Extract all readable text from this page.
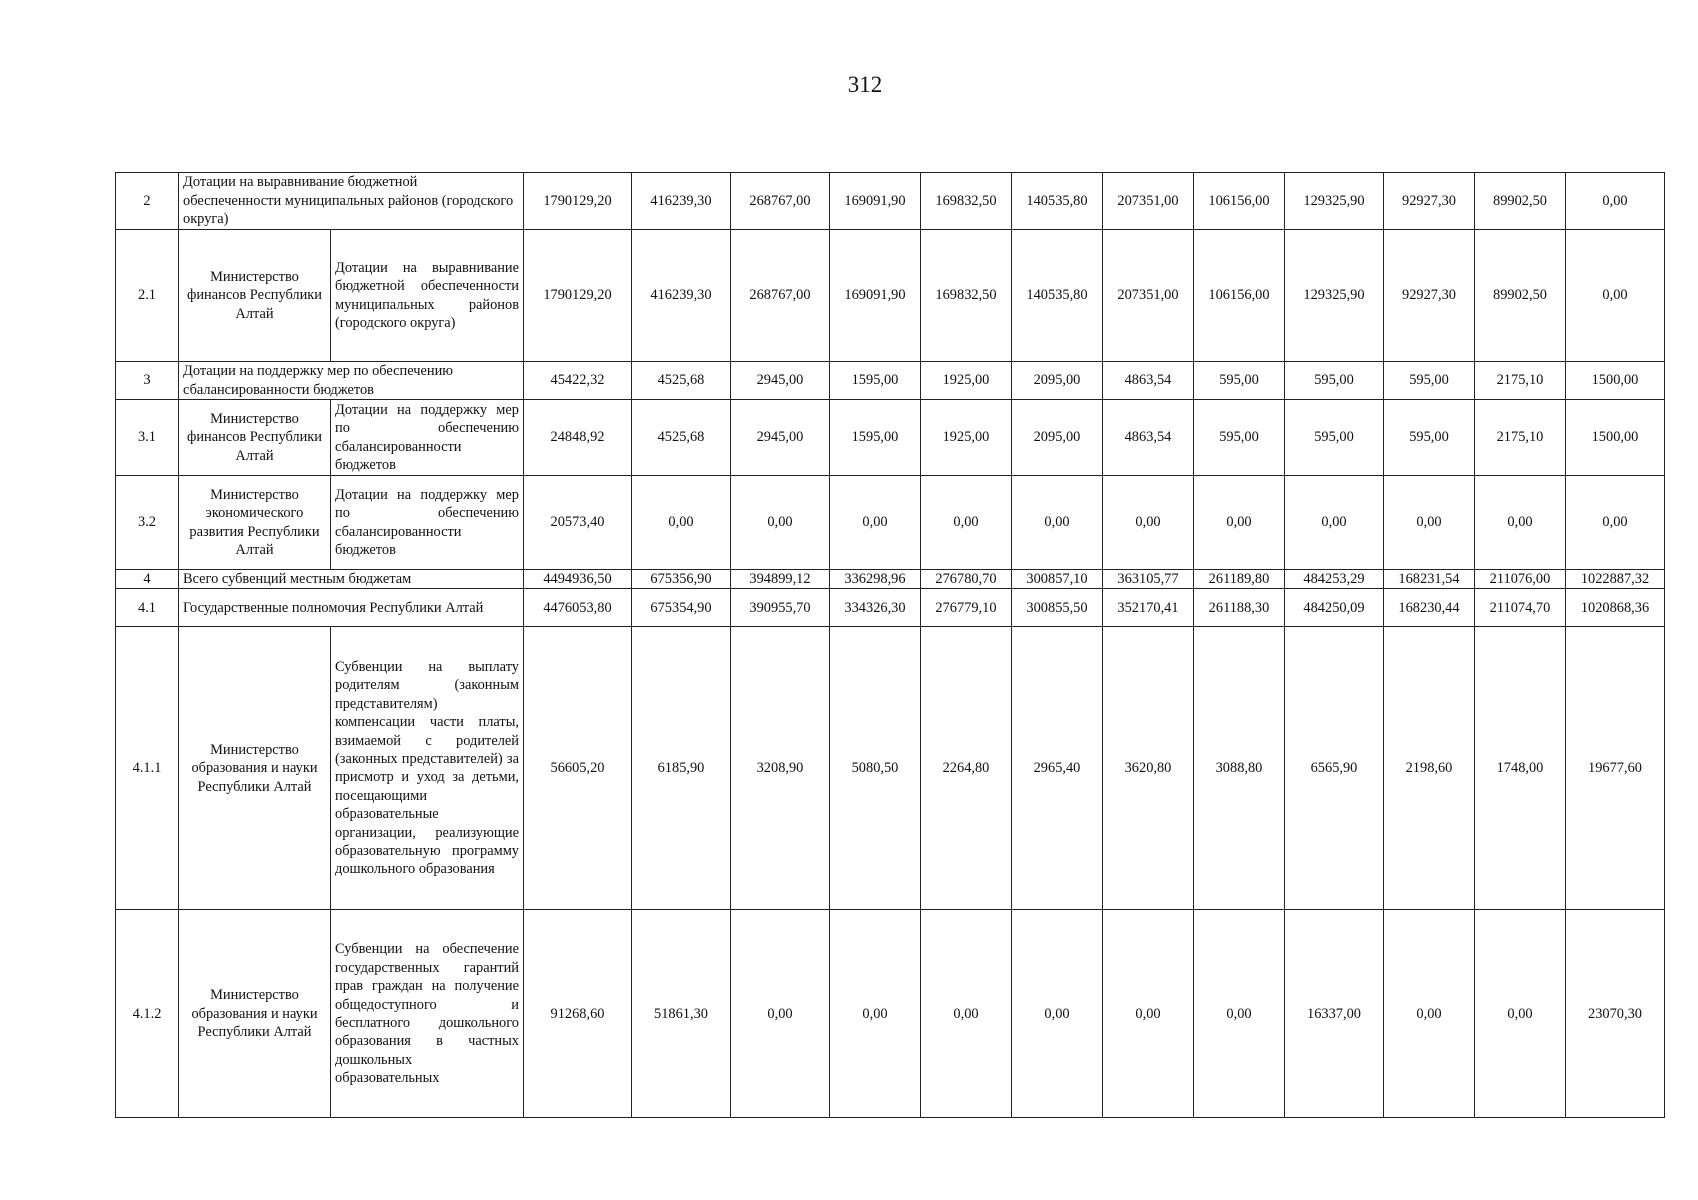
312
2	Дотации на выравнивание бюджетной обеспеченности муниципальных районов (городского округа)		1790129,20	416239,30	268767,00	169091,90	169832,50	140535,80	207351,00	106156,00	129325,90	92927,30	89902,50	0,00
2.1	Министерство финансов Республики Алтай	Дотации на выравнивание бюджетной обеспеченности муниципальных районов (городского округа)	1790129,20	416239,30	268767,00	169091,90	169832,50	140535,80	207351,00	106156,00	129325,90	92927,30	89902,50	0,00
3	Дотации на поддержку мер по обеспечению сбалансированности бюджетов		45422,32	4525,68	2945,00	1595,00	1925,00	2095,00	4863,54	595,00	595,00	595,00	2175,10	1500,00
3.1	Министерство финансов Республики Алтай	Дотации на поддержку мер по обеспечению сбалансированности бюджетов	24848,92	4525,68	2945,00	1595,00	1925,00	2095,00	4863,54	595,00	595,00	595,00	2175,10	1500,00
3.2	Министерство экономического развития Республики Алтай	Дотации на поддержку мер по обеспечению сбалансированности бюджетов	20573,40	0,00	0,00	0,00	0,00	0,00	0,00	0,00	0,00	0,00	0,00	0,00
4	Всего субвенций местным бюджетам		4494936,50	675356,90	394899,12	336298,96	276780,70	300857,10	363105,77	261189,80	484253,29	168231,54	211076,00	1022887,32
4.1	Государственные полномочия Республики Алтай		4476053,80	675354,90	390955,70	334326,30	276779,10	300855,50	352170,41	261188,30	484250,09	168230,44	211074,70	1020868,36
4.1.1	Министерство образования и науки Республики Алтай	Субвенции на выплату родителям (законным представителям) компенсации части платы, взимаемой с родителей (законных представителей) за присмотр и уход за детьми, посещающими образовательные организации, реализующие образовательную программу дошкольного образования	56605,20	6185,90	3208,90	5080,50	2264,80	2965,40	3620,80	3088,80	6565,90	2198,60	1748,00	19677,60
4.1.2	Министерство образования и науки Республики Алтай	Субвенции на обеспечение государственных гарантий прав граждан на получение общедоступного и бесплатного дошкольного образования в частных дошкольных образовательных	91268,60	51861,30	0,00	0,00	0,00	0,00	0,00	0,00	16337,00	0,00	0,00	23070,30
